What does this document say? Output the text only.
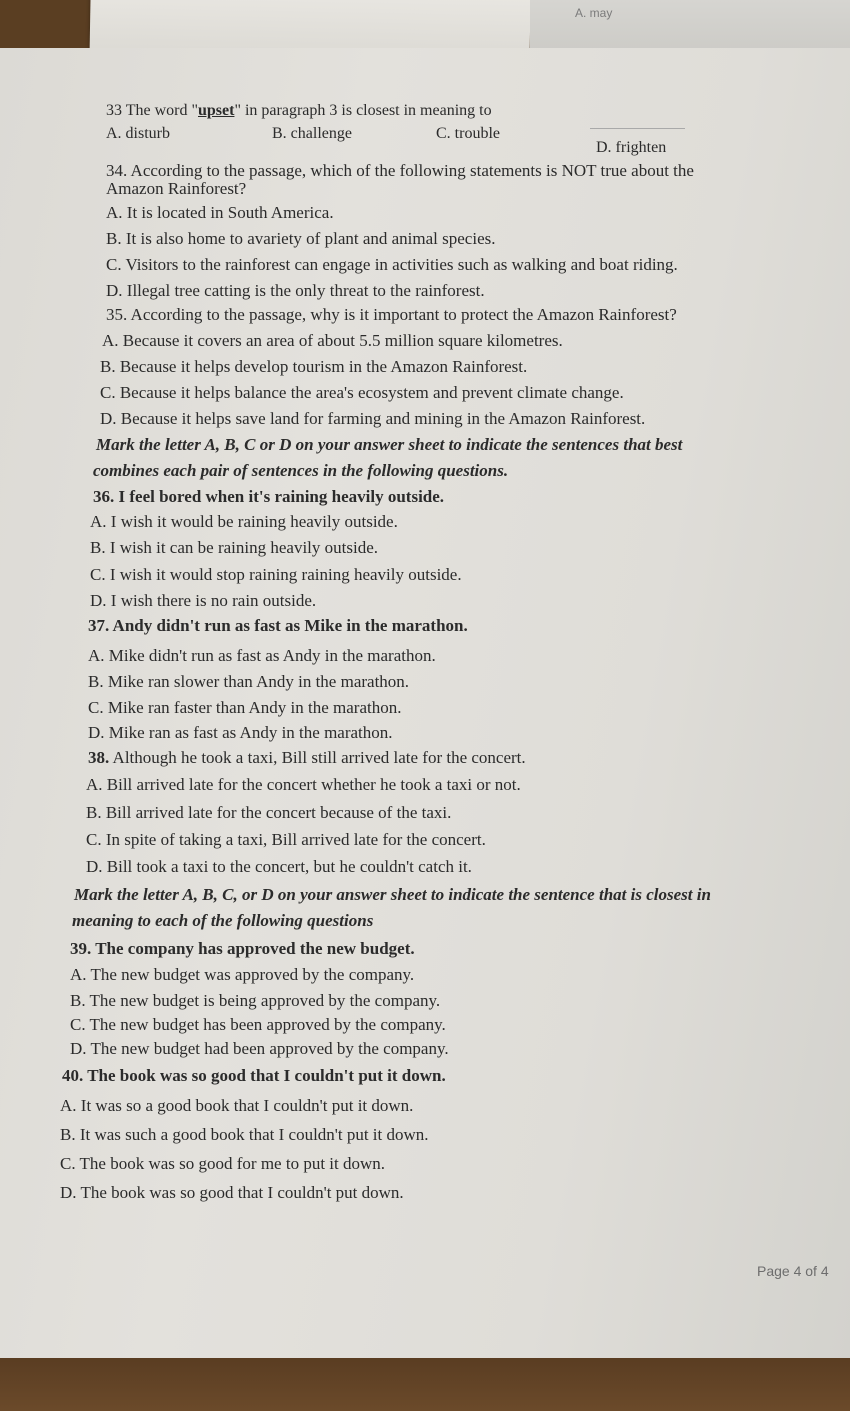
A. may
33 The word "upset" in paragraph 3 is closest in meaning to
A. disturb	B. challenge	C. trouble
D. frighten
34. According to the passage, which of the following statements is NOT true about the
Amazon Rainforest?
A. It is located in South America.
B. It is also home to avariety of plant and animal species.
C. Visitors to the rainforest can engage in activities such as walking and boat riding.
D. Illegal tree catting is the only threat to the rainforest.
35. According to the passage, why is it important to protect the Amazon Rainforest?
A. Because it covers an area of about 5.5 million square kilometres.
B. Because it helps develop tourism in the Amazon Rainforest.
C. Because it helps balance the area's ecosystem and prevent climate change.
D. Because it helps save land for farming and mining in the Amazon Rainforest.
Mark the letter A, B, C or D on your answer sheet to indicate the sentences that best
combines each pair of sentences in the following questions.
36. I feel bored when it's raining heavily outside.
A. I wish it would be raining heavily outside.
B. I wish it can be raining heavily outside.
C. I wish it would stop raining raining heavily outside.
D. I wish there is no rain outside.
37. Andy didn't run as fast as Mike in the marathon.
A. Mike didn't run as fast as Andy in the marathon.
B. Mike ran slower than Andy in the marathon.
C. Mike ran faster than Andy in the marathon.
D. Mike ran as fast as Andy in the marathon.
38. Although he took a taxi, Bill still arrived late for the concert.
A. Bill arrived late for the concert whether he took a taxi or not.
B. Bill arrived late for the concert because of the taxi.
C. In spite of taking a taxi, Bill arrived late for the concert.
D. Bill took a taxi to the concert, but he couldn't catch it.
Mark the letter A, B, C, or D on your answer sheet to indicate the sentence that is closest in
meaning to each of the following questions
39. The company has approved the new budget.
A. The new budget was approved by the company.
B. The new budget is being approved by the company.
C. The new budget has been approved by the company.
D. The new budget had been approved by the company.
40. The book was so good that I couldn't put it down.
A. It was so a good book that I couldn't put it down.
B. It was such a good book that I couldn't put it down.
C. The book was so good for me to put it down.
D. The book was so good that I couldn't put down.
Page 4 of 4
